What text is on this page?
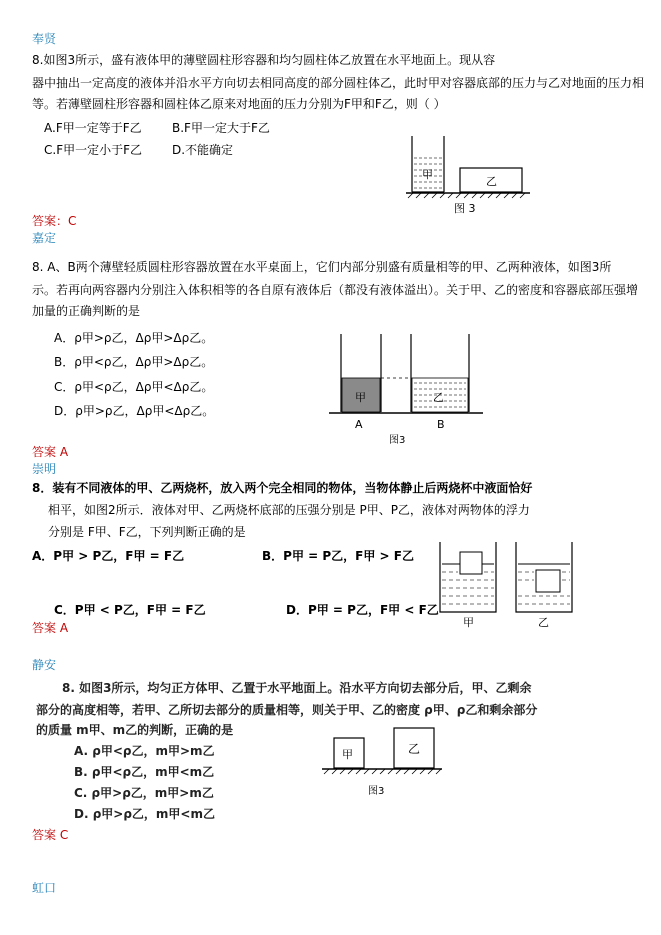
奉贤
8.如图3所示，盛有液体甲的薄壁圆柱形容器和均匀圆柱体乙放置在水平地面上。现从容
器中抽出一定高度的液体并沿水平方向切去相同高度的部分圆柱体乙，此时甲对容器底部的压力与乙对地面的压力相
等。若薄壁圆柱形容器和圆柱体乙原来对地面的压力分别为F甲和F乙，则（ ）
A.F甲一定等于F乙	B.F甲一定大于F乙
C.F甲一定小于F乙	D.不能确定
甲
乙
图 3
答案：C
嘉定
8. A、B两个薄壁轻质圆柱形容器放置在水平桌面上，它们内部分别盛有质量相等的甲、乙两种液体，如图3所
示。若再向两容器内分别注入体积相等的各自原有液体后（都没有液体溢出）。关于甲、乙的密度和容器底部压强增
加量的正确判断的是
A．ρ甲>ρ乙，Δρ甲>Δρ乙。
B．ρ甲<ρ乙，Δρ甲>Δρ乙。
C．ρ甲<ρ乙，Δρ甲<Δρ乙。
D．ρ甲>ρ乙，Δρ甲<Δρ乙。
甲	乙
A	B
图3
答案 A
崇明
8．装有不同液体的甲、乙两烧杯，放入两个完全相同的物体，当物体静止后两烧杯中液面恰好
相平，如图2所示．液体对甲、乙两烧杯底部的压强分别是 P甲、P乙，液体对两物体的浮力
分别是 F甲、F乙，下列判断正确的是
A．P甲 > P乙，F甲 = F乙	B．P甲 = P乙，F甲 > F乙
C．P甲 < P乙，F甲 = F乙	D．P甲 = P乙，F甲 < F乙
甲	乙
答案 A
静安
8. 如图3所示，均匀正方体甲、乙置于水平地面上。沿水平方向切去部分后，甲、乙剩余
部分的高度相等，若甲、乙所切去部分的质量相等，则关于甲、乙的密度 ρ甲、ρ乙和剩余部分
的质量 m甲、m乙的判断，正确的是
A. ρ甲<ρ乙，m甲>m乙
B. ρ甲<ρ乙，m甲<m乙
C. ρ甲>ρ乙，m甲>m乙
D. ρ甲>ρ乙，m甲<m乙
甲	乙
图3
答案 C
虹口
